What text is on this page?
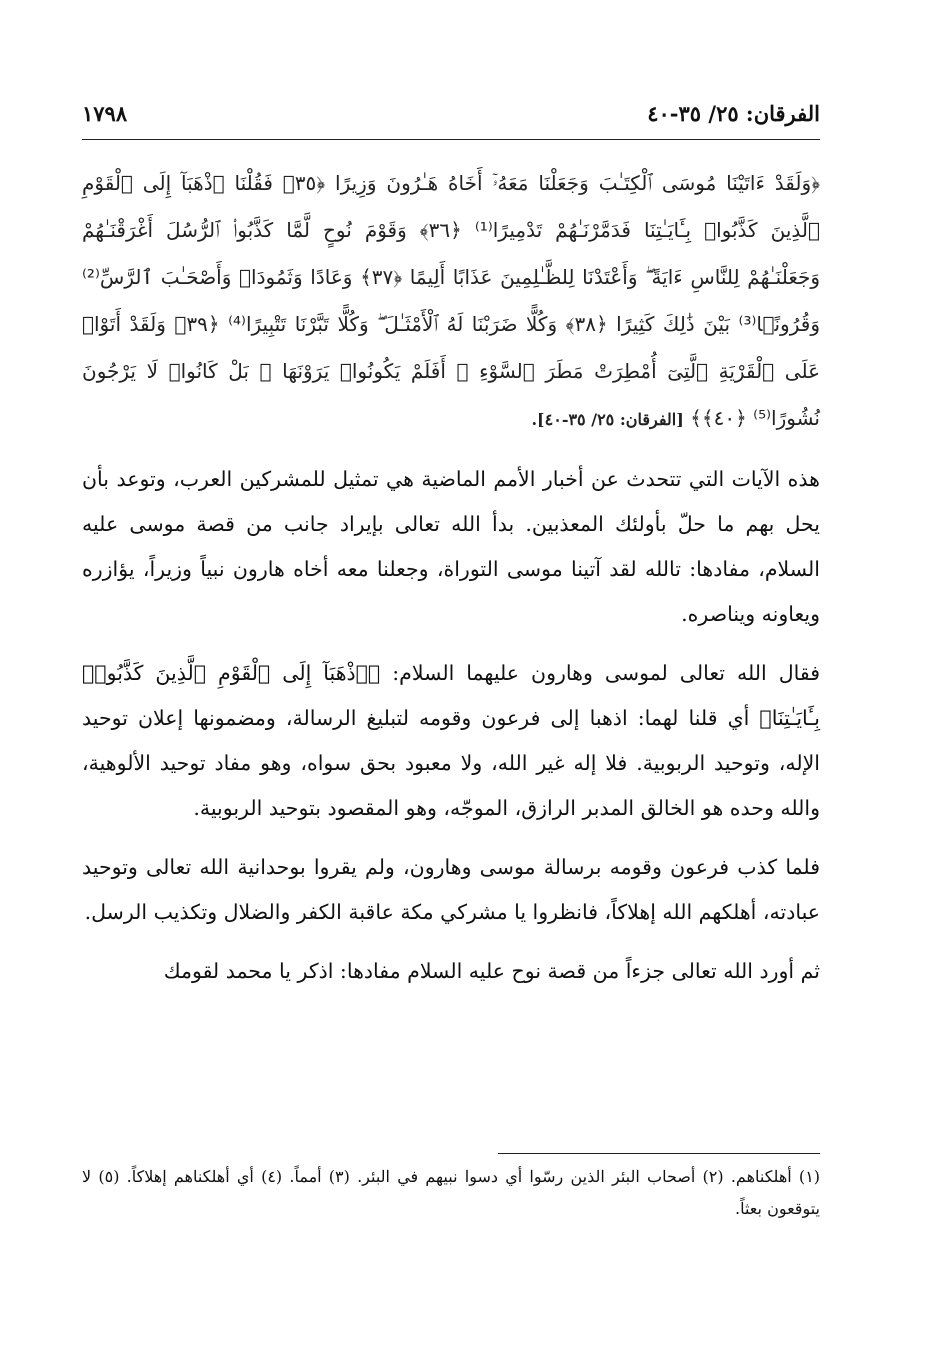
الفرقان: ٢٥/ ٣٥-٤٠
١٧٩٨
﴿وَلَقَدْ ءَاتَيْنَا مُوسَى ٱلْكِتَـٰبَ وَجَعَلْنَا مَعَهُۥٓ أَخَاهُ هَـٰرُونَ وَزِيرًا ﴿٣٥﴾ فَقُلْنَا ٱذْهَبَآ إِلَى ٱلْقَوْمِ ٱلَّذِينَ كَذَّبُوا۟ بِـَٔايَـٰتِنَا فَدَمَّرْنَـٰهُمْ تَدْمِيرًا⁽¹⁾ ﴿٣٦﴾ وَقَوْمَ نُوحٍ لَّمَّا كَذَّبُوا۟ ٱلرُّسُلَ أَغْرَقْنَـٰهُمْ وَجَعَلْنَـٰهُمْ لِلنَّاسِ ءَايَةً ۖ وَأَعْتَدْنَا لِلظَّـٰلِمِينَ عَذَابًا أَلِيمًا ﴿٣٧﴾ وَعَادًا وَثَمُودَا۟ وَأَصْحَـٰبَ ٱلرَّسِّ⁽²⁾ وَقُرُونًۢا⁽³⁾ بَيْنَ ذَٰلِكَ كَثِيرًا ﴿٣٨﴾ وَكُلًّا ضَرَبْنَا لَهُ ٱلْأَمْثَـٰلَ ۖ وَكُلًّا تَبَّرْنَا تَتْبِيرًا⁽⁴⁾ ﴿٣٩﴾ وَلَقَدْ أَتَوْا۟ عَلَى ٱلْقَرْيَةِ ٱلَّتِىٓ أُمْطِرَتْ مَطَرَ ٱلسَّوْءِ ۚ أَفَلَمْ يَكُونُوا۟ يَرَوْنَهَا ۚ بَلْ كَانُوا۟ لَا يَرْجُونَ نُشُورًا⁽⁵⁾ ﴿٤٠﴾﴾ [الفرقان: ٢٥/ ٣٥-٤٠].
هذه الآيات التي تتحدث عن أخبار الأمم الماضية هي تمثيل للمشركين العرب، وتوعد بأن يحل بهم ما حلّ بأولئك المعذبين. بدأ الله تعالى بإيراد جانب من قصة موسى عليه السلام، مفادها: تالله لقد آتينا موسى التوراة، وجعلنا معه أخاه هارون نبياً وزيراً، يؤازره ويعاونه ويناصره.
فقال الله تعالى لموسى وهارون عليهما السلام: ﴿ٱذْهَبَآ إِلَى ٱلْقَوْمِ ٱلَّذِينَ كَذَّبُوا۟ بِـَٔايَـٰتِنَا﴾ أي قلنا لهما: اذهبا إلى فرعون وقومه لتبليغ الرسالة، ومضمونها إعلان توحيد الإله، وتوحيد الربوبية. فلا إله غير الله، ولا معبود بحق سواه، وهو مفاد توحيد الألوهية، والله وحده هو الخالق المدبر الرازق، الموجّه، وهو المقصود بتوحيد الربوبية.
فلما كذب فرعون وقومه برسالة موسى وهارون، ولم يقروا بوحدانية الله تعالى وتوحيد عبادته، أهلكهم الله إهلاكاً، فانظروا يا مشركي مكة عاقبة الكفر والضلال وتكذيب الرسل.
ثم أورد الله تعالى جزءاً من قصة نوح عليه السلام مفادها: اذكر يا محمد لقومك
(١) أهلكناهم. (٢) أصحاب البئر الذين رسّوا أي دسوا نبيهم في البئر. (٣) أمماً. (٤) أي أهلكناهم إهلاكاً. (٥) لا يتوقعون بعثاً.
